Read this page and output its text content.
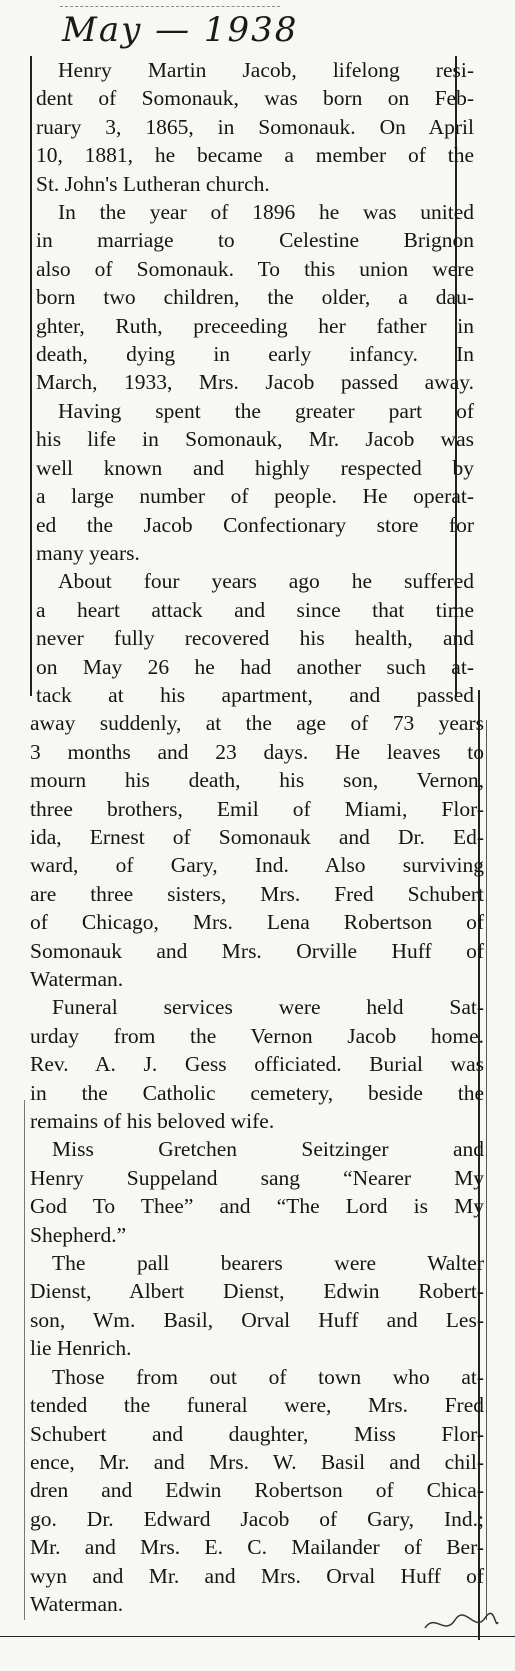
May — 1938
Henry Martin Jacob, lifelong resi-
dent of Somonauk, was born on Feb-
ruary 3, 1865, in Somonauk. On April
10, 1881, he became a member of the
St. John's Lutheran church.
In the year of 1896 he was united
in marriage to Celestine Brignon
also of Somonauk. To this union were
born two children, the older, a dau-
ghter, Ruth, preceeding her father in
death, dying in early infancy. In
March, 1933, Mrs. Jacob passed away.
Having spent the greater part of
his life in Somonauk, Mr. Jacob was
well known and highly respected by
a large number of people. He operat-
ed the Jacob Confectionary store for
many years.
About four years ago he suffered
a heart attack and since that time
never fully recovered his health, and
on May 26 he had another such at-
tack at his apartment, and passed
away suddenly, at the age of 73 years
3 months and 23 days. He leaves to
mourn his death, his son, Vernon,
three brothers, Emil of Miami, Flor-
ida, Ernest of Somonauk and Dr. Ed-
ward, of Gary, Ind. Also surviving
are three sisters, Mrs. Fred Schubert
of Chicago, Mrs. Lena Robertson of
Somonauk and Mrs. Orville Huff of
Waterman.
Funeral services were held Sat-
urday from the Vernon Jacob home.
Rev. A. J. Gess officiated. Burial was
in the Catholic cemetery, beside the
remains of his beloved wife.
Miss Gretchen Seitzinger and
Henry Suppeland sang “Nearer My
God To Thee” and “The Lord is My
Shepherd.”
The pall bearers were Walter
Dienst, Albert Dienst, Edwin Robert-
son, Wm. Basil, Orval Huff and Les-
lie Henrich.
Those from out of town who at-
tended the funeral were, Mrs. Fred
Schubert and daughter, Miss Flor-
ence, Mr. and Mrs. W. Basil and chil-
dren and Edwin Robertson of Chica-
go. Dr. Edward Jacob of Gary, Ind.;
Mr. and Mrs. E. C. Mailander of Ber-
wyn and Mr. and Mrs. Orval Huff of
Waterman.
